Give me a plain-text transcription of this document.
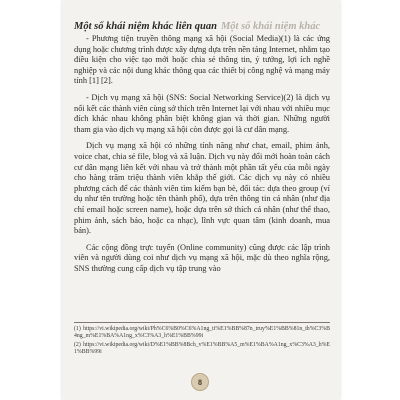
Một số khái niệm khác liên quan Một số khái niệm khác

- Phương tiện truyền thông mạng xã hội (Social Media)(1) là các ứng dụng hoặc chương trình được xây dựng dựa trên nền tảng Internet, nhằm tạo điều kiện cho việc tạo mới hoặc chia sẻ thông tin, ý tưởng, lợi ích nghề nghiệp và các nội dung khác thông qua các thiết bị công nghệ và mạng máy tính [1] [2].

- Dịch vụ mạng xã hội (SNS: Social Networking Service)(2) là dịch vụ nối kết các thành viên cùng sở thích trên Internet lại với nhau với nhiều mục đích khác nhau không phân biệt không gian và thời gian. Những người tham gia vào dịch vụ mạng xã hội còn được gọi là cư dân mạng.

Dịch vụ mạng xã hội có những tính năng như chat, email, phim ảnh, voice chat, chia sẻ file, blog và xã luận. Dịch vụ này đổi mới hoàn toàn cách cư dân mạng liên kết với nhau và trở thành một phần tất yếu của mỗi ngày cho hàng trăm triệu thành viên khắp thế giới. Các dịch vụ này có nhiều phương cách để các thành viên tìm kiếm bạn bè, đối tác: dựa theo group (ví dụ như tên trường hoặc tên thành phố), dựa trên thông tin cá nhân (như địa chỉ email hoặc screen name), hoặc dựa trên sở thích cá nhân (như thể thao, phim ảnh, sách báo, hoặc ca nhạc), lĩnh vực quan tâm (kinh doanh, mua bán).

Các cộng đồng trực tuyến (Online community) cũng được các lập trình viên và người dùng coi như dịch vụ mạng xã hội, mặc dù theo nghĩa rộng, SNS thường cung cấp dịch vụ tập trung vào

(1) https://vi.wikipedia.org/wiki/Ph%C6%B0%C6%A1ng_ti%E1%BB%87n_truy%E1%BB%81n_th%C3%B4ng_m%E1%BA%A1ng_x%C3%A3_h%E1%BB%99i

(2) https://vi.wikipedia.org/wiki/D%E1%BB%8Bch_v%E1%BB%A5_m%E1%BA%A1ng_x%C3%A3_h%E1%BB%99i

8
